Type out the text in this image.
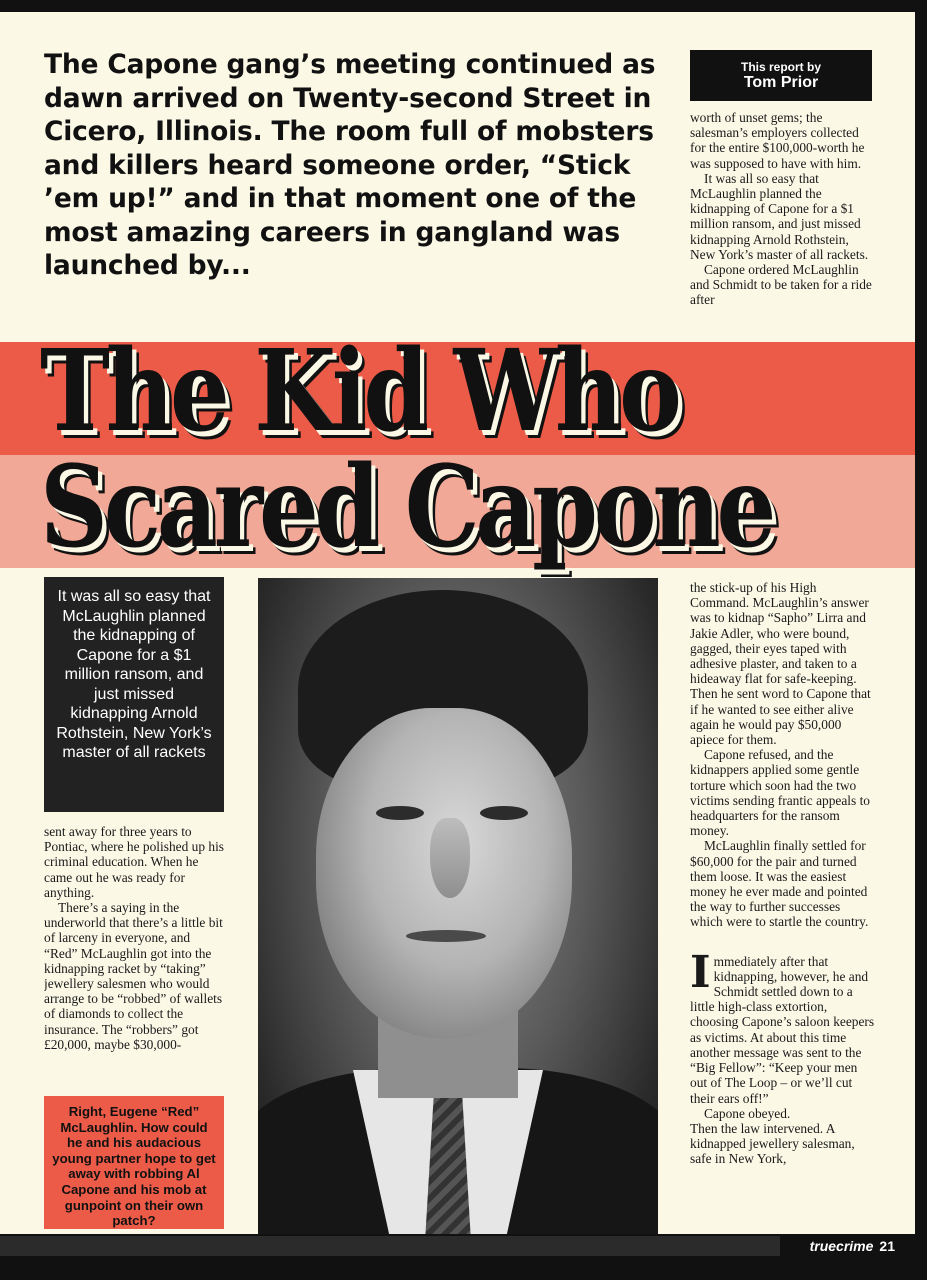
The Capone gang’s meeting continued as dawn arrived on Twenty-second Street in Cicero, Illinois. The room full of mobsters and killers heard someone order, “Stick ’em up!” and in that moment one of the most amazing careers in gangland was launched by...
This report by
Tom Prior

worth of unset gems; the salesman’s employers collected for the entire $100,000-worth he was supposed to have with him.

It was all so easy that McLaughlin planned the kidnapping of Capone for a $1 million ransom, and just missed kidnapping Arnold Rothstein, New York’s master of all rackets.

Capone ordered McLaughlin and Schmidt to be taken for a ride after

The Kid Who
Scared Capone
It was all so easy that McLaughlin planned the kidnapping of Capone for a $1 million ransom, and just missed kidnapping Arnold Rothstein, New York’s master of all rackets

sent away for three years to Pontiac, where he polished up his criminal education. When he came out he was ready for anything.

There’s a saying in the underworld that there’s a little bit of larceny in everyone, and “Red” McLaughlin got into the kidnapping racket by “taking” jewellery salesmen who would arrange to be “robbed” of wallets of diamonds to collect the insurance. The “robbers” got £20,000, maybe $30,000-

Right, Eugene “Red” McLaughlin. How could he and his audacious young partner hope to get away with robbing Al Capone and his mob at gunpoint on their own patch?

the stick-up of his High Command. McLaughlin’s answer was to kidnap “Sapho” Lirra and Jakie Adler, who were bound, gagged, their eyes taped with adhesive plaster, and taken to a hideaway flat for safe-keeping. Then he sent word to Capone that if he wanted to see either alive again he would pay $50,000 apiece for them.

Capone refused, and the kidnappers applied some gentle torture which soon had the two victims sending frantic appeals to headquarters for the ransom money.

McLaughlin finally settled for $60,000 for the pair and turned them loose. It was the easiest money he ever made and pointed the way to further successes which were to startle the country.

Immediately after that kidnapping, however, he and Schmidt settled down to a little high-class extortion, choosing Capone’s saloon keepers as victims. At about this time another message was sent to the “Big Fellow”: “Keep your men out of The Loop – or we’ll cut their ears off!”

Capone obeyed.

Then the law intervened. A kidnapped jewellery salesman, safe in New York,

truecrime 21
